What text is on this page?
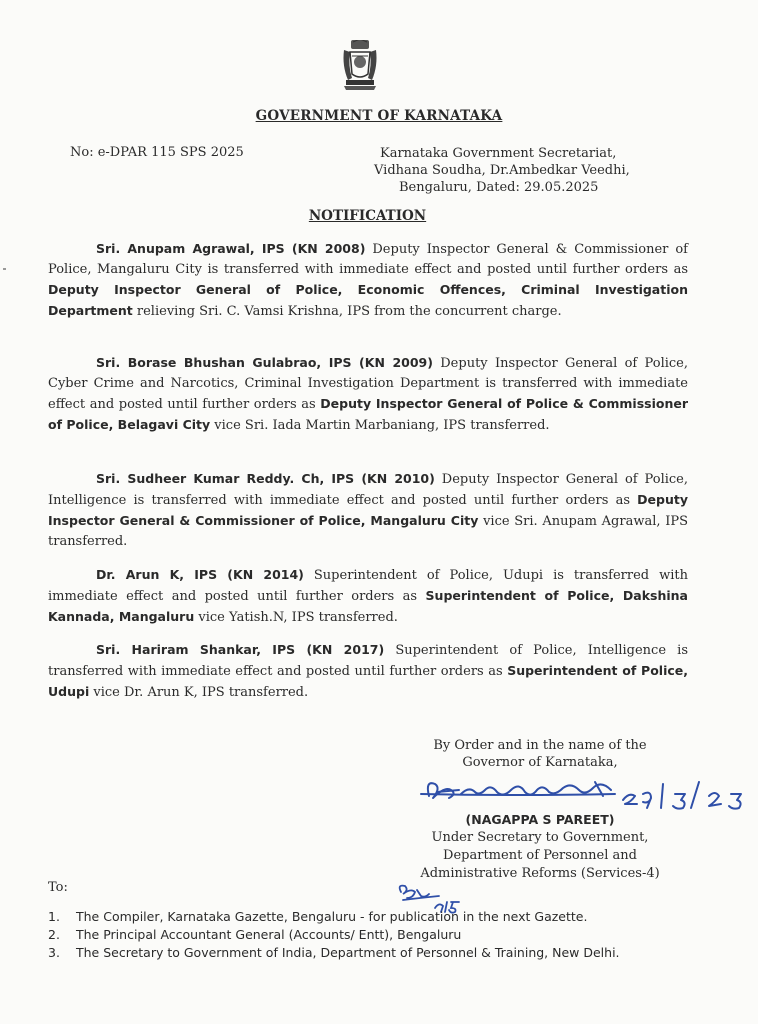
GOVERNMENT OF KARNATAKA
No: e-DPAR 115 SPS 2025	Karnataka Government Secretariat,
Vidhana Soudha, Dr.Ambedkar Veedhi,
Bengaluru, Dated: 29.05.2025
NOTIFICATION
Sri. Anupam Agrawal, IPS (KN 2008) Deputy Inspector General & Commissioner of Police, Mangaluru City is transferred with immediate effect and posted until further orders as Deputy Inspector General of Police, Economic Offences, Criminal Investigation Department relieving Sri. C. Vamsi Krishna, IPS from the concurrent charge.
Sri. Borase Bhushan Gulabrao, IPS (KN 2009) Deputy Inspector General of Police, Cyber Crime and Narcotics, Criminal Investigation Department is transferred with immediate effect and posted until further orders as Deputy Inspector General of Police & Commissioner of Police, Belagavi City vice Sri. Iada Martin Marbaniang, IPS transferred.
Sri. Sudheer Kumar Reddy. Ch, IPS (KN 2010) Deputy Inspector General of Police, Intelligence is transferred with immediate effect and posted until further orders as Deputy Inspector General & Commissioner of Police, Mangaluru City vice Sri. Anupam Agrawal, IPS transferred.
Dr. Arun K, IPS (KN 2014) Superintendent of Police, Udupi is transferred with immediate effect and posted until further orders as Superintendent of Police, Dakshina Kannada, Mangaluru vice Yatish.N, IPS transferred.
Sri. Hariram Shankar, IPS (KN 2017) Superintendent of Police, Intelligence is transferred with immediate effect and posted until further orders as Superintendent of Police, Udupi vice Dr. Arun K, IPS transferred.
By Order and in the name of the
Governor of Karnataka,
(NAGAPPA S PAREET)
Under Secretary to Government,
Department of Personnel and
Administrative Reforms (Services-4)
To:
1. The Compiler, Karnataka Gazette, Bengaluru - for publication in the next Gazette.
2. The Principal Accountant General (Accounts/ Entt), Bengaluru
3. The Secretary to Government of India, Department of Personnel & Training, New Delhi.
